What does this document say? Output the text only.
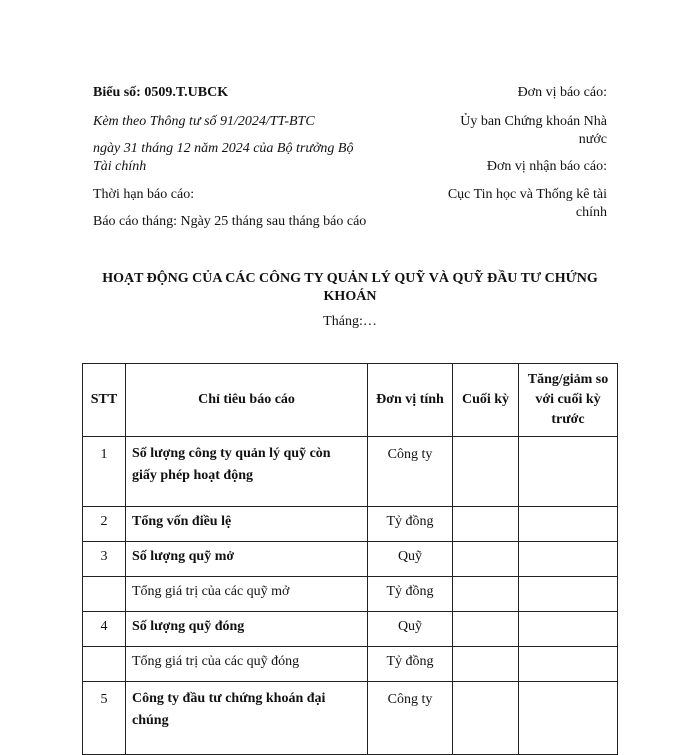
Biểu số: 0509.T.UBCK
Kèm theo Thông tư số 91/2024/TT-BTC
ngày 31 tháng 12 năm 2024 của Bộ trưởng Bộ
Tài chính
Thời hạn báo cáo:
Báo cáo tháng: Ngày 25 tháng sau tháng báo cáo
Đơn vị báo cáo:
Ủy ban Chứng khoán Nhà
nước
Đơn vị nhận báo cáo:
Cục Tin học và Thống kê tài
chính
HOẠT ĐỘNG CỦA CÁC CÔNG TY QUẢN LÝ QUỸ VÀ QUỸ ĐẦU TƯ CHỨNG
KHOÁN
Tháng:…
STT	Chỉ tiêu báo cáo	Đơn vị tính	Cuối kỳ	Tăng/giảm so
với cuối kỳ
trước

1	Số lượng công ty quản lý quỹ còn
giấy phép hoạt động	Công ty		
2	Tổng vốn điều lệ	Tỷ đồng		
3	Số lượng quỹ mở	Quỹ		
	Tổng giá trị của các quỹ mở	Tỷ đồng		
4	Số lượng quỹ đóng	Quỹ		
	Tổng giá trị của các quỹ đóng	Tỷ đồng		
5	Công ty đầu tư chứng khoán đại
chúng	Công ty		
